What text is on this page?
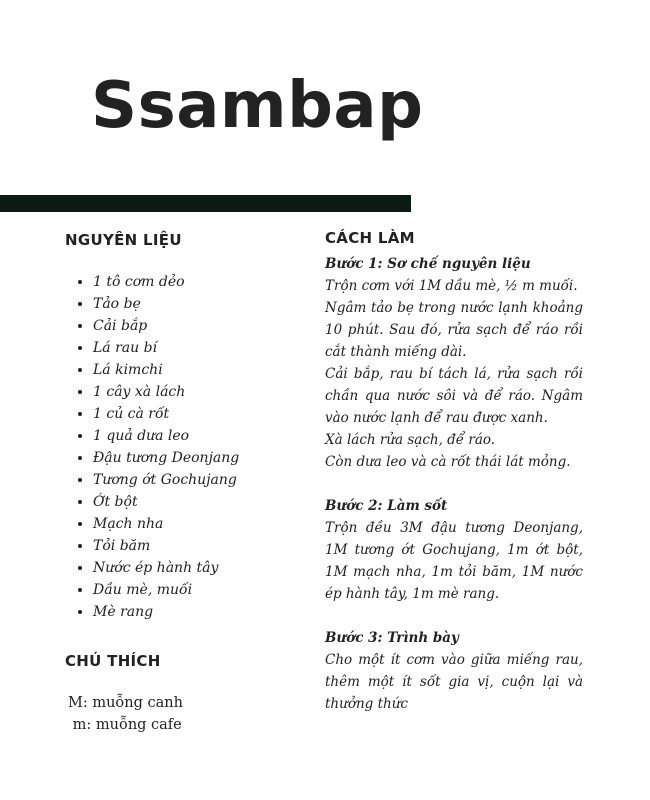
Ssambap
NGUYÊN LIỆU
• 1 tô cơm dẻo
• Tảo bẹ
• Cải bắp
• Lá rau bí
• Lá kimchi
• 1 cây xà lách
• 1 củ cà rốt
• 1 quả dưa leo
• Đậu tương Deonjang
• Tương ớt Gochujang
• Ớt bột
• Mạch nha
• Tỏi băm
• Nước ép hành tây
• Dầu mè, muối
• Mè rang
CHÚ THÍCH
M: muỗng canh
m: muỗng cafe
CÁCH LÀM

Bước 1: Sơ chế nguyên liệu

Trộn cơm với 1M dầu mè, ½ m muối.

Ngâm tảo bẹ trong nước lạnh khoảng 10 phút. Sau đó, rửa sạch để ráo rồi cắt thành miếng dài.

Cải bắp, rau bí tách lá, rửa sạch rồi chần qua nước sôi và để ráo. Ngâm vào nước lạnh để rau được xanh.

Xà lách rửa sạch, để ráo.

Còn dưa leo và cà rốt thái lát mỏng.

Bước 2: Làm sốt

Trộn đều 3M đậu tương Deonjang, 1M tương ớt Gochujang, 1m ớt bột, 1M mạch nha, 1m tỏi băm, 1M nước ép hành tây, 1m mè rang.

Bước 3: Trình bày

Cho một ít cơm vào giữa miếng rau, thêm một ít sốt gia vị, cuộn lại và thưởng thức
